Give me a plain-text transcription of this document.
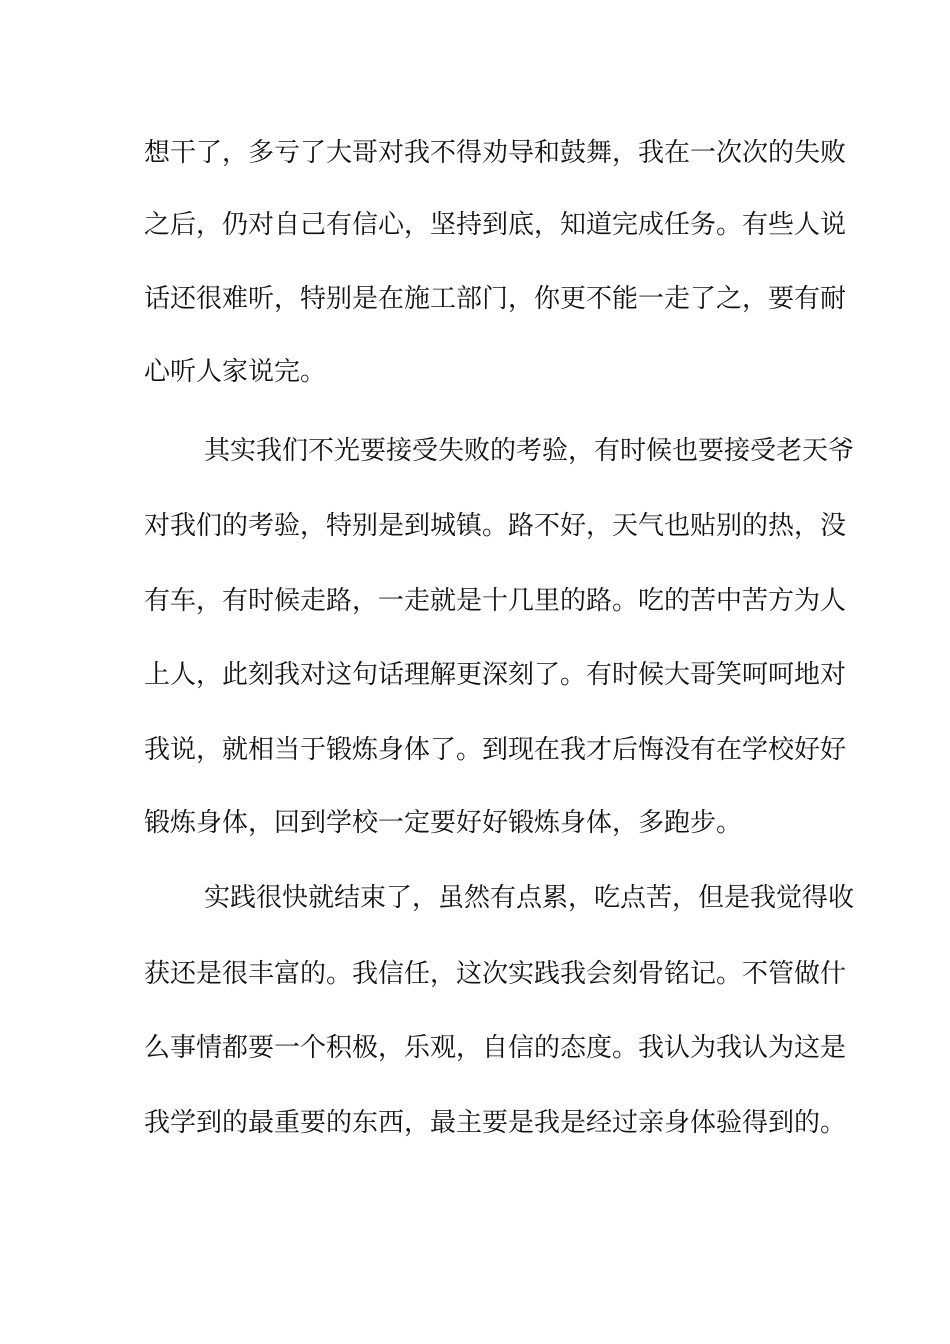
想干了，多亏了大哥对我不得劝导和鼓舞，我在一次次的失败
之后，仍对自己有信心，坚持到底，知道完成任务。有些人说
话还很难听，特别是在施工部门，你更不能一走了之，要有耐
心听人家说完。
其实我们不光要接受失败的考验，有时候也要接受老天爷
对我们的考验，特别是到城镇。路不好，天气也贴别的热，没
有车，有时候走路，一走就是十几里的路。吃的苦中苦方为人
上人，此刻我对这句话理解更深刻了。有时候大哥笑呵呵地对
我说，就相当于锻炼身体了。到现在我才后悔没有在学校好好
锻炼身体，回到学校一定要好好锻炼身体，多跑步。
实践很快就结束了，虽然有点累，吃点苦，但是我觉得收
获还是很丰富的。我信任，这次实践我会刻骨铭记。不管做什
么事情都要一个积极，乐观，自信的态度。我认为我认为这是
我学到的最重要的东西，最主要是我是经过亲身体验得到的。
